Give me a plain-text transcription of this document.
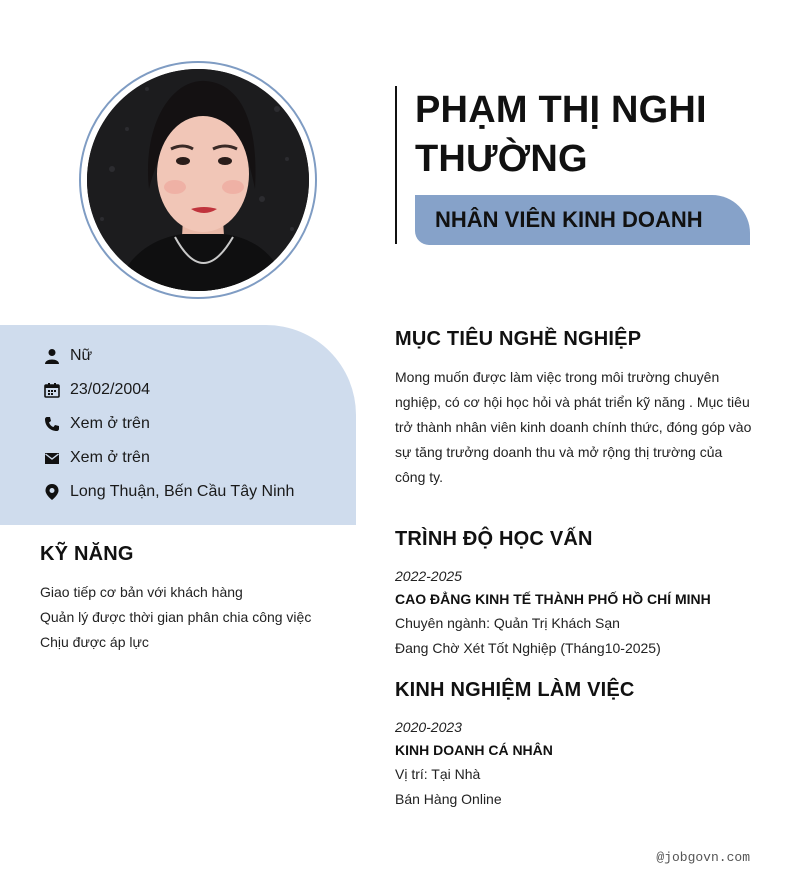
PHẠM THỊ NGHI
THƯỜNG
NHÂN VIÊN KINH DOANH
Nữ
23/02/2004
Xem ở trên
Xem ở trên
Long Thuận, Bến Cầu Tây Ninh
KỸ NĂNG
Giao tiếp cơ bản với khách hàng
Quản lý được thời gian phân chia công việc
Chịu được áp lực
MỤC TIÊU NGHỀ NGHIỆP
Mong muốn được làm việc trong môi trường chuyên
nghiệp, có cơ hội học hỏi và phát triển kỹ năng . Mục tiêu
trở thành nhân viên kinh doanh chính thức, đóng góp vào
sự tăng trưởng doanh thu và mở rộng thị trường của
công ty.
TRÌNH ĐỘ HỌC VẤN
2022-2025
CAO ĐẲNG KINH TẾ THÀNH PHỐ HỒ CHÍ MINH
Chuyên ngành: Quản Trị Khách Sạn
Đang Chờ Xét Tốt Nghiệp (Tháng10-2025)
KINH NGHIỆM LÀM VIỆC
2020-2023
KINH DOANH CÁ NHÂN
Vị trí: Tại Nhà
Bán Hàng Online
@jobgovn.com
